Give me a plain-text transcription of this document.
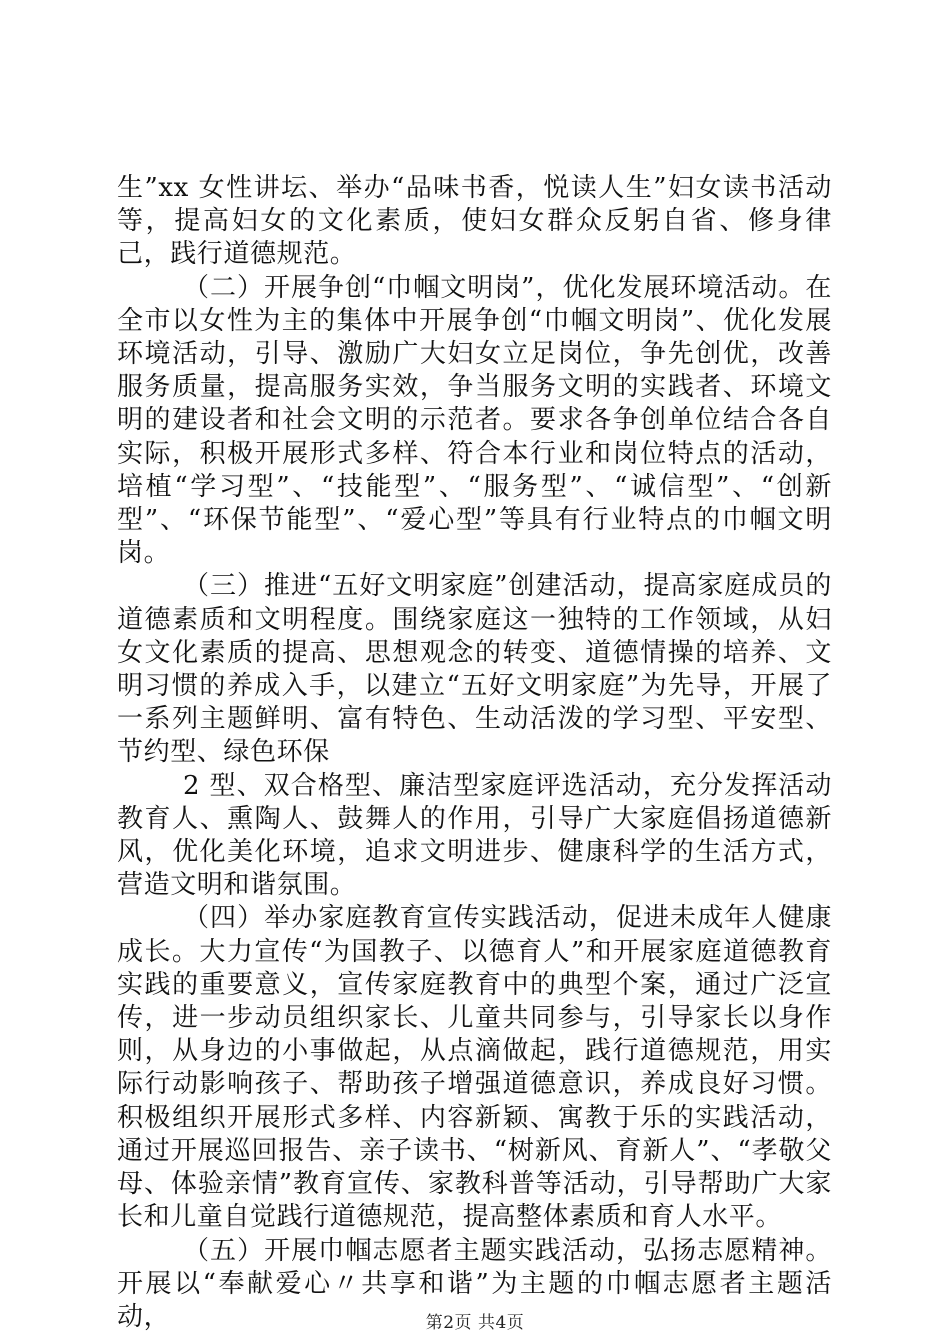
生”xx 女性讲坛、举办“品味书香，悦读人生”妇女读书活动等，提高妇女的文化素质，使妇女群众反躬自省、修身律己，践行道德规范。

（二）开展争创“巾帼文明岗”，优化发展环境活动。在全市以女性为主的集体中开展争创“巾帼文明岗”、优化发展环境活动，引导、激励广大妇女立足岗位，争先创优，改善服务质量，提高服务实效，争当服务文明的实践者、环境文明的建设者和社会文明的示范者。要求各争创单位结合各自实际，积极开展形式多样、符合本行业和岗位特点的活动，培植“学习型”、“技能型”、“服务型”、“诚信型”、“创新型”、“环保节能型”、“爱心型”等具有行业特点的巾帼文明岗。

（三）推进“五好文明家庭”创建活动，提高家庭成员的道德素质和文明程度。围绕家庭这一独特的工作领域，从妇女文化素质的提高、思想观念的转变、道德情操的培养、文明习惯的养成入手，以建立“五好文明家庭”为先导，开展了一系列主题鲜明、富有特色、生动活泼的学习型、平安型、节约型、绿色环保

2 型、双合格型、廉洁型家庭评选活动，充分发挥活动教育人、熏陶人、鼓舞人的作用，引导广大家庭倡扬道德新风，优化美化环境，追求文明进步、健康科学的生活方式，营造文明和谐氛围。

（四）举办家庭教育宣传实践活动，促进未成年人健康成长。大力宣传“为国教子、以德育人”和开展家庭道德教育实践的重要意义，宣传家庭教育中的典型个案，通过广泛宣传，进一步动员组织家长、儿童共同参与，引导家长以身作则，从身边的小事做起，从点滴做起，践行道德规范，用实际行动影响孩子、帮助孩子增强道德意识，养成良好习惯。积极组织开展形式多样、内容新颖、寓教于乐的实践活动，通过开展巡回报告、亲子读书、“树新风、育新人”、“孝敬父母、体验亲情”教育宣传、家教科普等活动，引导帮助广大家长和儿童自觉践行道德规范，提高整体素质和育人水平。

（五）开展巾帼志愿者主题实践活动，弘扬志愿精神。开展以“奉献爱心〃共享和谐”为主题的巾帼志愿者主题活动，	第2页 共4页
